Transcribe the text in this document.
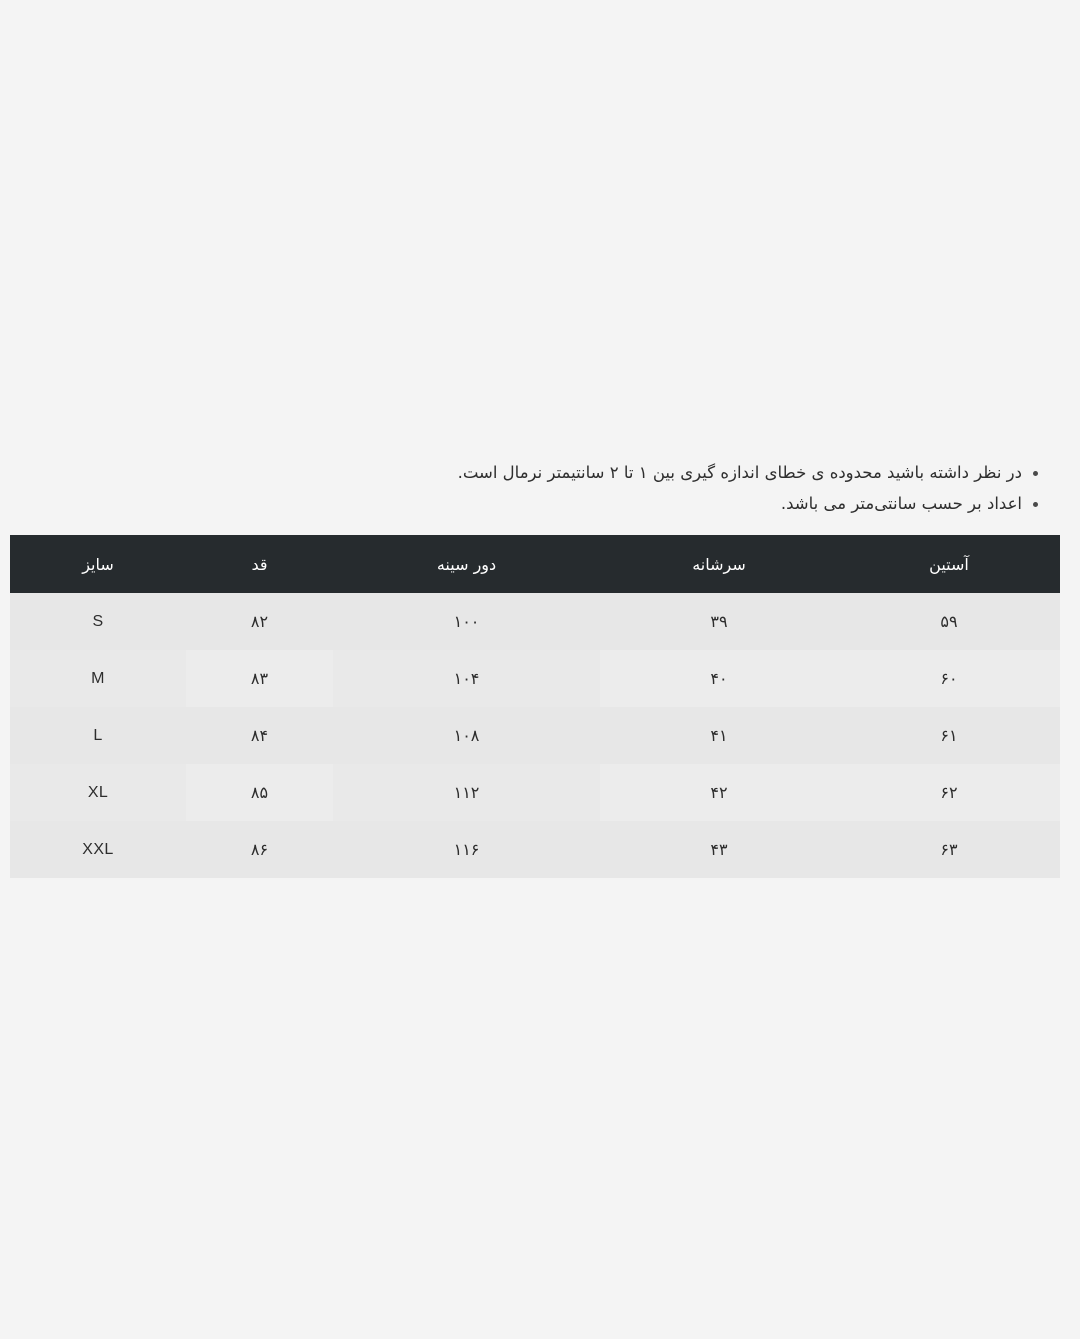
در نظر داشته باشید محدوده ی خطای اندازه گیری بین ۱ تا ۲ سانتیمتر نرمال است.
اعداد بر حسب سانتی‌متر می باشد.
آستین	سرشانه	دور سینه	قد	سایز
۵۹	۳۹	۱۰۰	۸۲	S
۶۰	۴۰	۱۰۴	۸۳	M
۶۱	۴۱	۱۰۸	۸۴	L
۶۲	۴۲	۱۱۲	۸۵	XL
۶۳	۴۳	۱۱۶	۸۶	XXL
